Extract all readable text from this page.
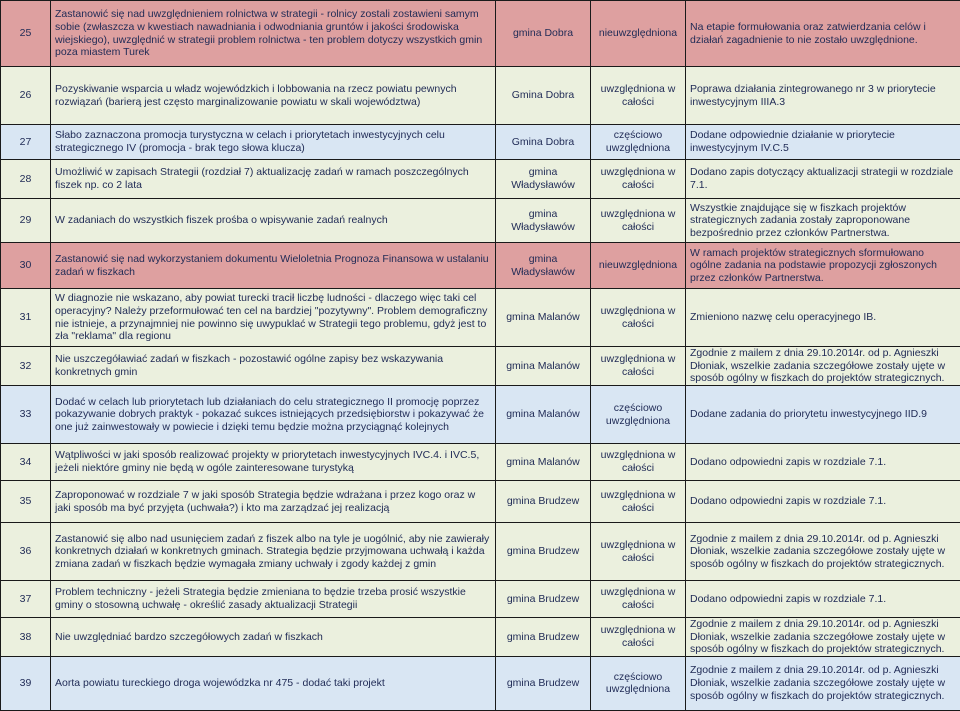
25	Zastanowić się nad uwzględnieniem rolnictwa w strategii - rolnicy zostali zostawieni samym sobie (zwłaszcza w kwestiach nawadniania i odwodniania gruntów i jakości środowiska wiejskiego), uwzględnić w strategii problem rolnictwa - ten problem dotyczy wszystkich gmin poza miastem Turek	gmina Dobra	nieuwzględniona	Na etapie formułowania oraz zatwierdzania celów i działań zagadnienie to nie zostało uwzględnione.
26	Pozyskiwanie wsparcia u władz wojewódzkich i lobbowania na rzecz powiatu pewnych rozwiązań (barierą jest często marginalizowanie powiatu w skali województwa)	Gmina Dobra	uwzględniona w całości	Poprawa działania zintegrowanego nr 3 w priorytecie inwestycyjnym IIIA.3
27	Słabo zaznaczona promocja turystyczna w celach i priorytetach inwestycyjnych celu strategicznego IV (promocja - brak tego słowa klucza)	Gmina Dobra	częściowo uwzględniona	Dodane odpowiednie działanie w priorytecie inwestycyjnym IV.C.5
28	Umożliwić w zapisach Strategii (rozdział 7) aktualizację zadań w ramach poszczególnych fiszek np. co 2 lata	gmina Władysławów	uwzględniona w całości	Dodano zapis dotyczący aktualizacji strategii w rozdziale 7.1.
29	W zadaniach do wszystkich fiszek prośba o wpisywanie zadań realnych	gmina Władysławów	uwzględniona w całości	Wszystkie znajdujące się w fiszkach projektów strategicznych zadania zostały zaproponowane bezpośrednio przez członków Partnerstwa.
30	Zastanowić się nad wykorzystaniem dokumentu Wieloletnia Prognoza Finansowa w ustalaniu zadań w fiszkach	gmina Władysławów	nieuwzględniona	W ramach projektów strategicznych sformułowano ogólne zadania na podstawie propozycji zgłoszonych przez członków Partnerstwa.
31	W diagnozie nie wskazano, aby powiat turecki tracił liczbę ludności - dlaczego więc taki cel operacyjny? Należy przeformułować ten cel na bardziej "pozytywny". Problem demograficzny nie istnieje, a przynajmniej nie powinno się uwypuklać w Strategii tego problemu, gdyż jest to zła "reklama" dla regionu	gmina Malanów	uwzględniona w całości	Zmieniono nazwę celu operacyjnego IB.
32	Nie uszczegóławiać zadań w fiszkach - pozostawić ogólne zapisy bez wskazywania konkretnych gmin	gmina Malanów	uwzględniona w całości	Zgodnie z mailem z dnia 29.10.2014r. od p. Agnieszki Dłoniak, wszelkie zadania szczegółowe zostały ujęte w sposób ogólny w fiszkach do projektów strategicznych.
33	Dodać w celach lub priorytetach lub działaniach do celu strategicznego II promocję poprzez pokazywanie dobrych praktyk - pokazać sukces istniejących przedsiębiorstw i pokazywać że one już zainwestowały w powiecie i dzięki temu będzie można przyciągnąć kolejnych	gmina Malanów	częściowo uwzględniona	Dodane zadania do priorytetu inwestycyjnego IID.9
34	Wątpliwości w jaki sposób realizować projekty w priorytetach inwestycyjnych IVC.4. i IVC.5, jeżeli niektóre gminy nie będą w ogóle zainteresowane turystyką	gmina Malanów	uwzględniona w całości	Dodano odpowiedni zapis w rozdziale 7.1.
35	Zaproponować w rozdziale 7 w jaki sposób Strategia będzie wdrażana i przez kogo oraz w jaki sposób ma być przyjęta (uchwała?) i kto ma zarządzać jej realizacją	gmina Brudzew	uwzględniona w całości	Dodano odpowiedni zapis w rozdziale 7.1.
36	Zastanowić się albo nad usunięciem zadań z fiszek albo na tyle je uogólnić, aby nie zawierały konkretnych działań w konkretnych gminach. Strategia będzie przyjmowana uchwałą i każda zmiana zadań w fiszkach będzie wymagała zmiany uchwały i zgody każdej z gmin	gmina Brudzew	uwzględniona w całości	Zgodnie z mailem z dnia 29.10.2014r. od p. Agnieszki Dłoniak, wszelkie zadania szczegółowe zostały ujęte w sposób ogólny w fiszkach do projektów strategicznych.
37	Problem techniczny - jeżeli Strategia będzie zmieniana to będzie trzeba prosić wszystkie gminy o stosowną uchwałę - określić zasady aktualizacji Strategii	gmina Brudzew	uwzględniona w całości	Dodano odpowiedni zapis w rozdziale 7.1.
38	Nie uwzględniać bardzo szczegółowych zadań w fiszkach	gmina Brudzew	uwzględniona w całości	Zgodnie z mailem z dnia 29.10.2014r. od p. Agnieszki Dłoniak, wszelkie zadania szczegółowe zostały ujęte w sposób ogólny w fiszkach do projektów strategicznych.
39	Aorta powiatu tureckiego droga wojewódzka nr 475 - dodać taki projekt	gmina Brudzew	częściowo uwzględniona	Zgodnie z mailem z dnia 29.10.2014r. od p. Agnieszki Dłoniak, wszelkie zadania szczegółowe zostały ujęte w sposób ogólny w fiszkach do projektów strategicznych.
